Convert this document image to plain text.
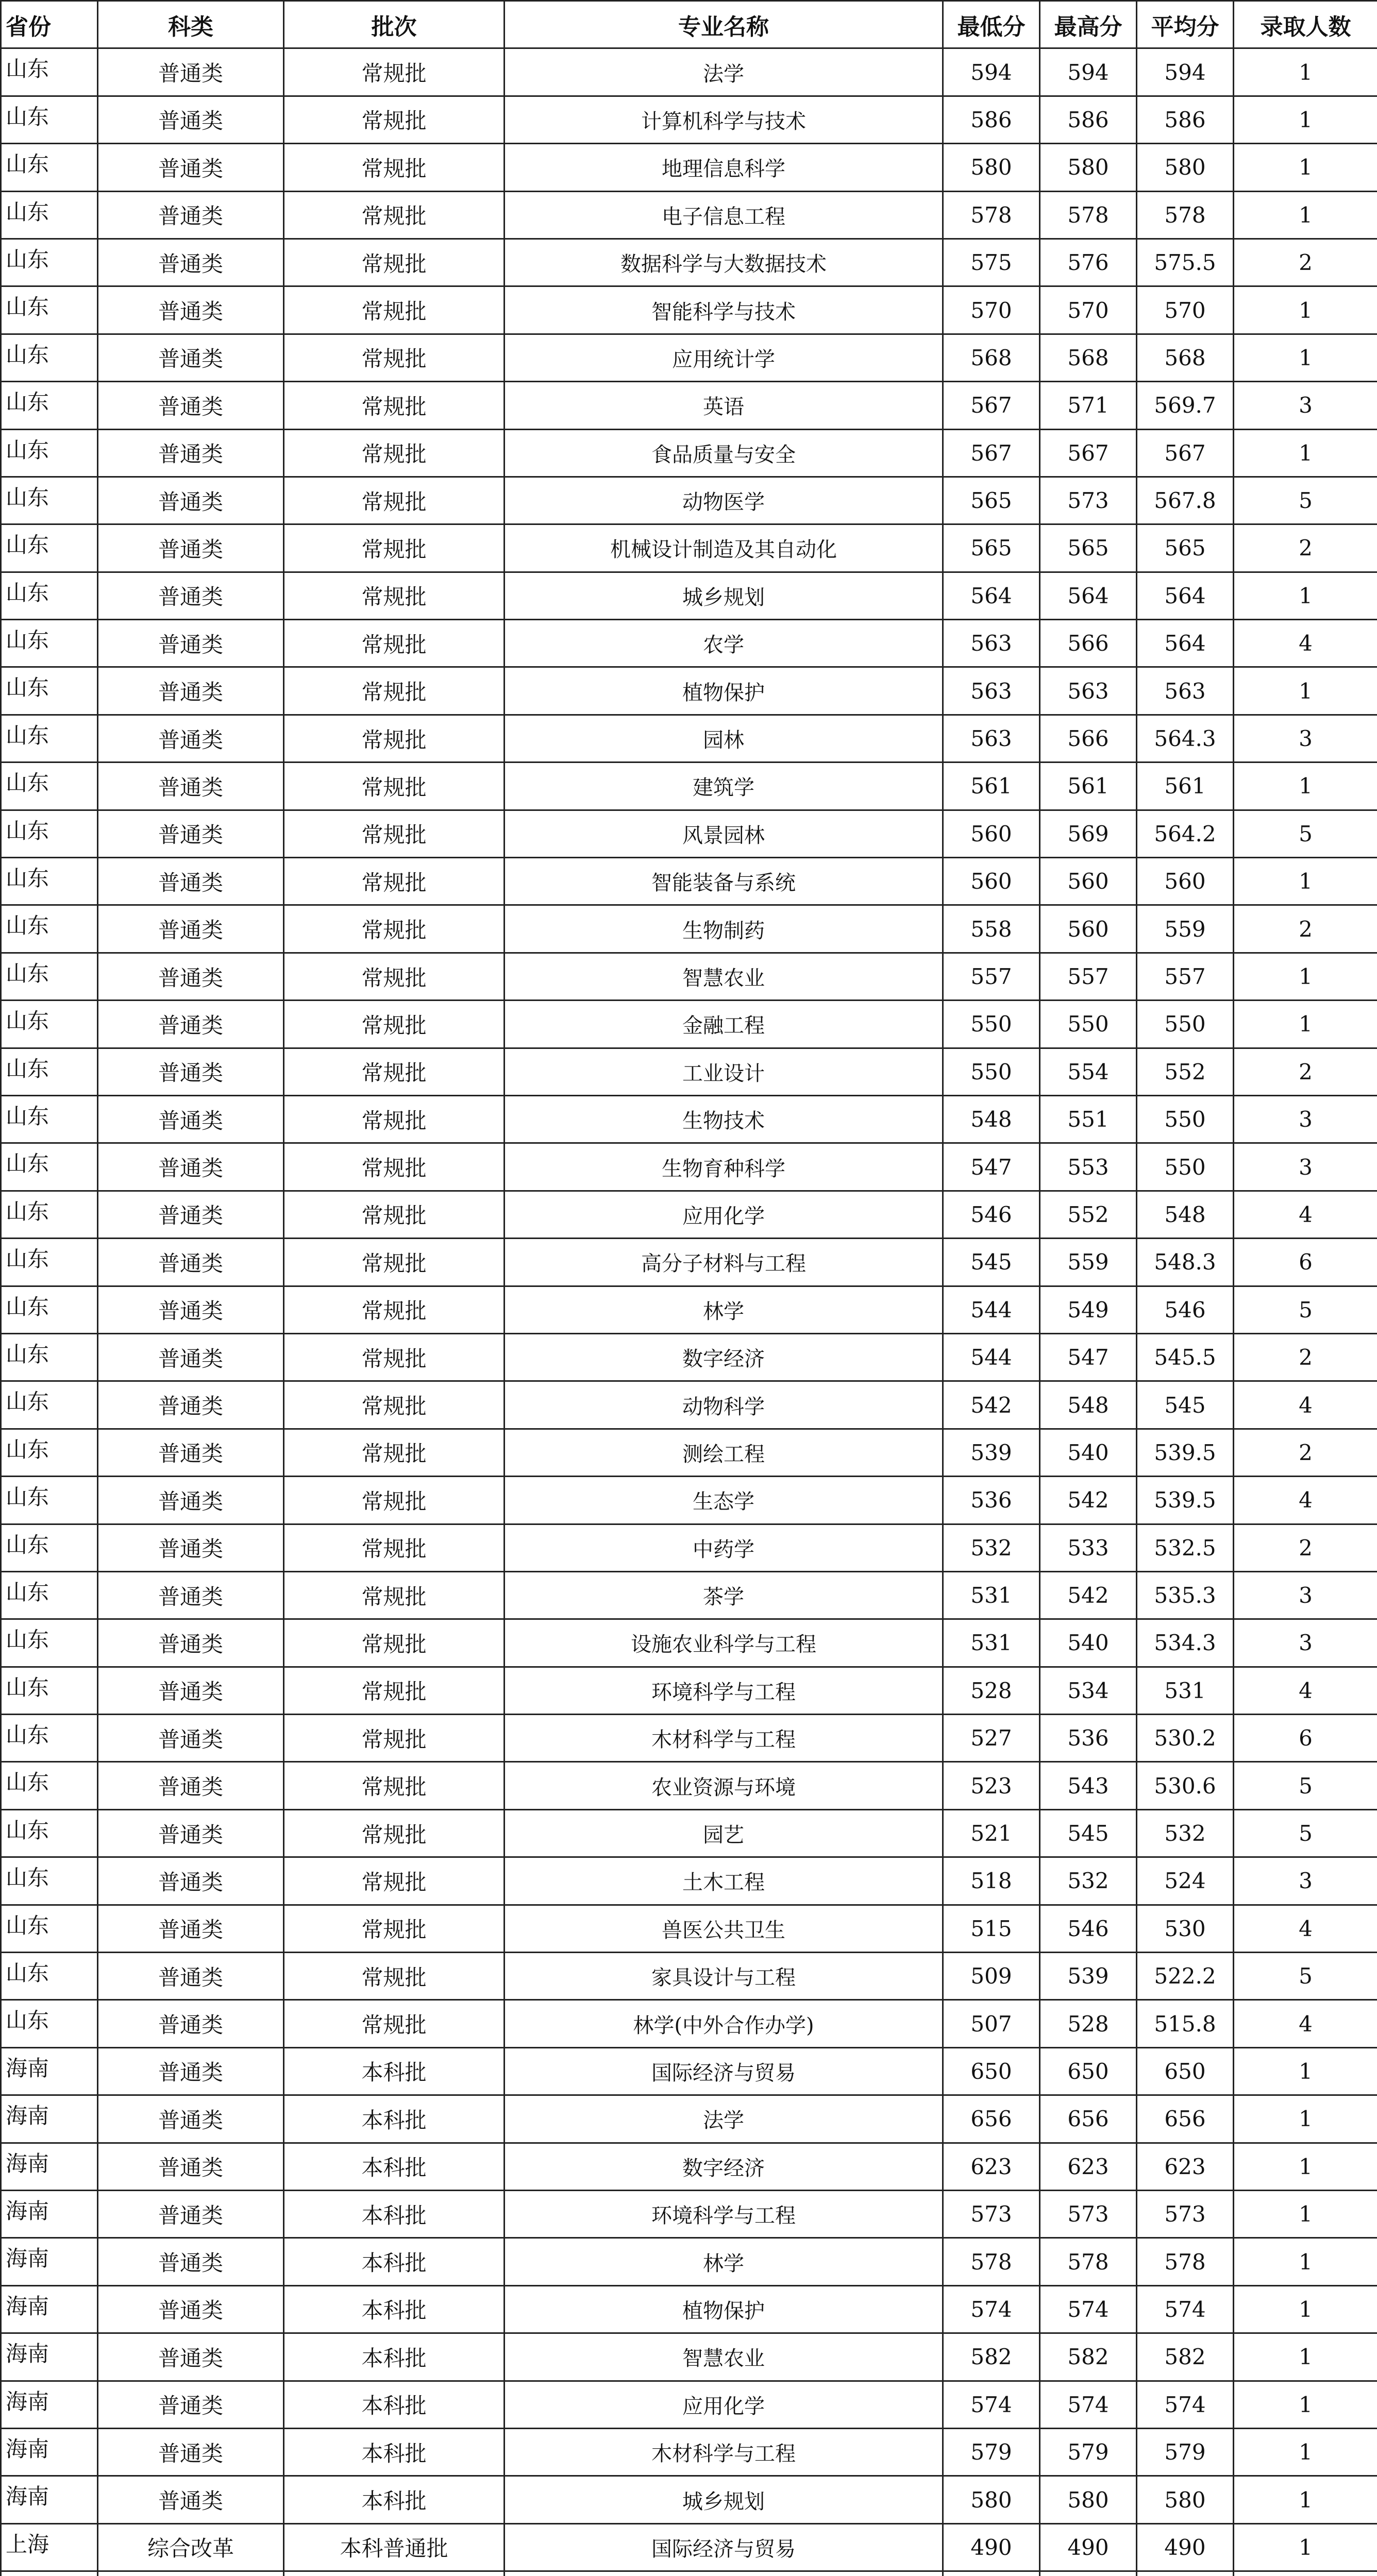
省份	科类	批次	专业名称	最低分	最高分	平均分	录取人数
山东	普通类	常规批	法学	594	594	594	1
山东	普通类	常规批	计算机科学与技术	586	586	586	1
山东	普通类	常规批	地理信息科学	580	580	580	1
山东	普通类	常规批	电子信息工程	578	578	578	1
山东	普通类	常规批	数据科学与大数据技术	575	576	575.5	2
山东	普通类	常规批	智能科学与技术	570	570	570	1
山东	普通类	常规批	应用统计学	568	568	568	1
山东	普通类	常规批	英语	567	571	569.7	3
山东	普通类	常规批	食品质量与安全	567	567	567	1
山东	普通类	常规批	动物医学	565	573	567.8	5
山东	普通类	常规批	机械设计制造及其自动化	565	565	565	2
山东	普通类	常规批	城乡规划	564	564	564	1
山东	普通类	常规批	农学	563	566	564	4
山东	普通类	常规批	植物保护	563	563	563	1
山东	普通类	常规批	园林	563	566	564.3	3
山东	普通类	常规批	建筑学	561	561	561	1
山东	普通类	常规批	风景园林	560	569	564.2	5
山东	普通类	常规批	智能装备与系统	560	560	560	1
山东	普通类	常规批	生物制药	558	560	559	2
山东	普通类	常规批	智慧农业	557	557	557	1
山东	普通类	常规批	金融工程	550	550	550	1
山东	普通类	常规批	工业设计	550	554	552	2
山东	普通类	常规批	生物技术	548	551	550	3
山东	普通类	常规批	生物育种科学	547	553	550	3
山东	普通类	常规批	应用化学	546	552	548	4
山东	普通类	常规批	高分子材料与工程	545	559	548.3	6
山东	普通类	常规批	林学	544	549	546	5
山东	普通类	常规批	数字经济	544	547	545.5	2
山东	普通类	常规批	动物科学	542	548	545	4
山东	普通类	常规批	测绘工程	539	540	539.5	2
山东	普通类	常规批	生态学	536	542	539.5	4
山东	普通类	常规批	中药学	532	533	532.5	2
山东	普通类	常规批	茶学	531	542	535.3	3
山东	普通类	常规批	设施农业科学与工程	531	540	534.3	3
山东	普通类	常规批	环境科学与工程	528	534	531	4
山东	普通类	常规批	木材科学与工程	527	536	530.2	6
山东	普通类	常规批	农业资源与环境	523	543	530.6	5
山东	普通类	常规批	园艺	521	545	532	5
山东	普通类	常规批	土木工程	518	532	524	3
山东	普通类	常规批	兽医公共卫生	515	546	530	4
山东	普通类	常规批	家具设计与工程	509	539	522.2	5
山东	普通类	常规批	林学(中外合作办学)	507	528	515.8	4
海南	普通类	本科批	国际经济与贸易	650	650	650	1
海南	普通类	本科批	法学	656	656	656	1
海南	普通类	本科批	数字经济	623	623	623	1
海南	普通类	本科批	环境科学与工程	573	573	573	1
海南	普通类	本科批	林学	578	578	578	1
海南	普通类	本科批	植物保护	574	574	574	1
海南	普通类	本科批	智慧农业	582	582	582	1
海南	普通类	本科批	应用化学	574	574	574	1
海南	普通类	本科批	木材科学与工程	579	579	579	1
海南	普通类	本科批	城乡规划	580	580	580	1
上海	综合改革	本科普通批	国际经济与贸易	490	490	490	1
